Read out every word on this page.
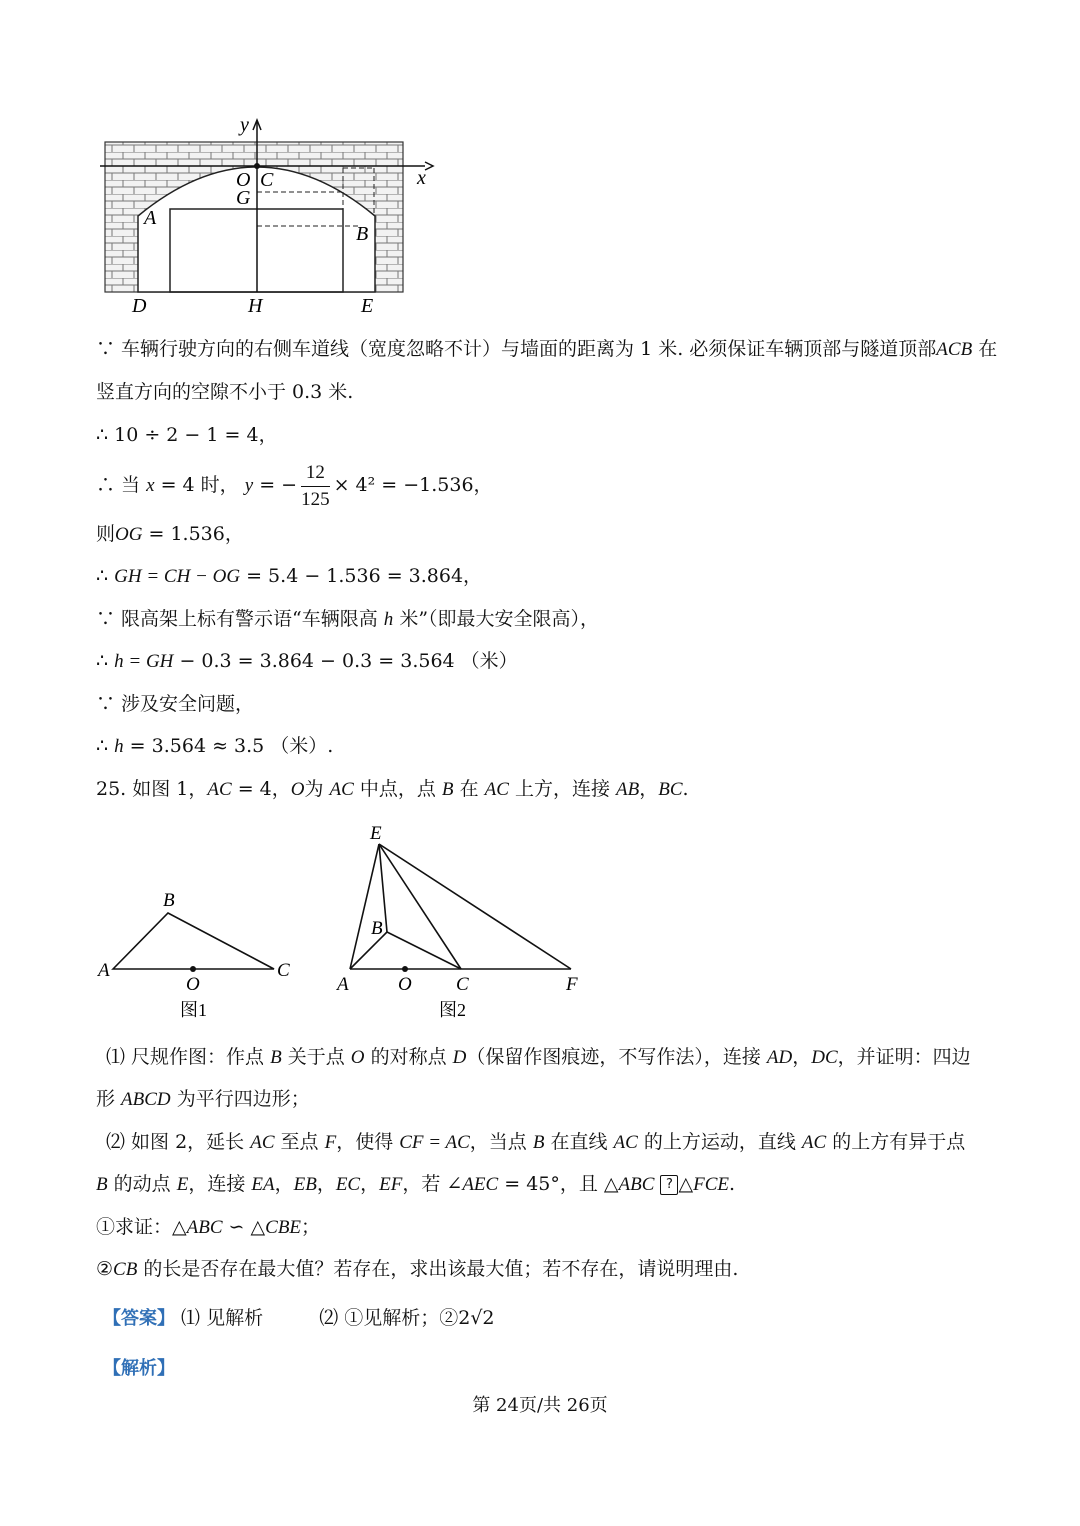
y
x
O C
G
A
B
D	H	E
∵ 车辆行驶方向的右侧车道线（宽度忽略不计）与墙面的距离为 1 米. 必须保证车辆顶部与隧道顶部ACB 在
竖直方向的空隙不小于 0.3 米.
∴ 10 ÷ 2 − 1 = 4，
∴ 当 x = 4 时， y = − $\frac{12}{125} \times 4^2 = -1.536$，
则OG = 1.536，
∴ GH = CH − OG = 5.4 − 1.536 = 3.864，
∵ 限高架上标有警示语“车辆限高 h 米”（即最大安全限高），
∴ h = GH − 0.3 = 3.864 − 0.3 = 3.564 （米）
∵ 涉及安全问题，
∴ h = 3.564 ≈ 3.5 （米）.
25. 如图 1，AC = 4，O为 AC 中点，点 B 在 AC 上方，连接 AB，BC.
B
A
O
C
图1
E
B
A	O C	F
图2
⑴ 尺规作图：作点 B 关于点 O 的对称点 D（保留作图痕迹，不写作法），连接 AD，DC，并证明：四边
形 ABCD 为平行四边形；
⑵ 如图 2，延长 AC 至点 F，使得 CF = AC，当点 B 在直线 AC 的上方运动，直线 AC 的上方有异于点
B 的动点 E，连接 EA，EB，EC，EF，若 ∠AEC = 45°，且 △ABC ? △FCE.
①求证：△ABC ∽ △CBE；
②CB 的长是否存在最大值？若存在，求出该最大值；若不存在，请说明理由.
【答案】 ⑴ 见解析	⑵ ①见解析；②2√2
【解析】
第 24页/共 26页
